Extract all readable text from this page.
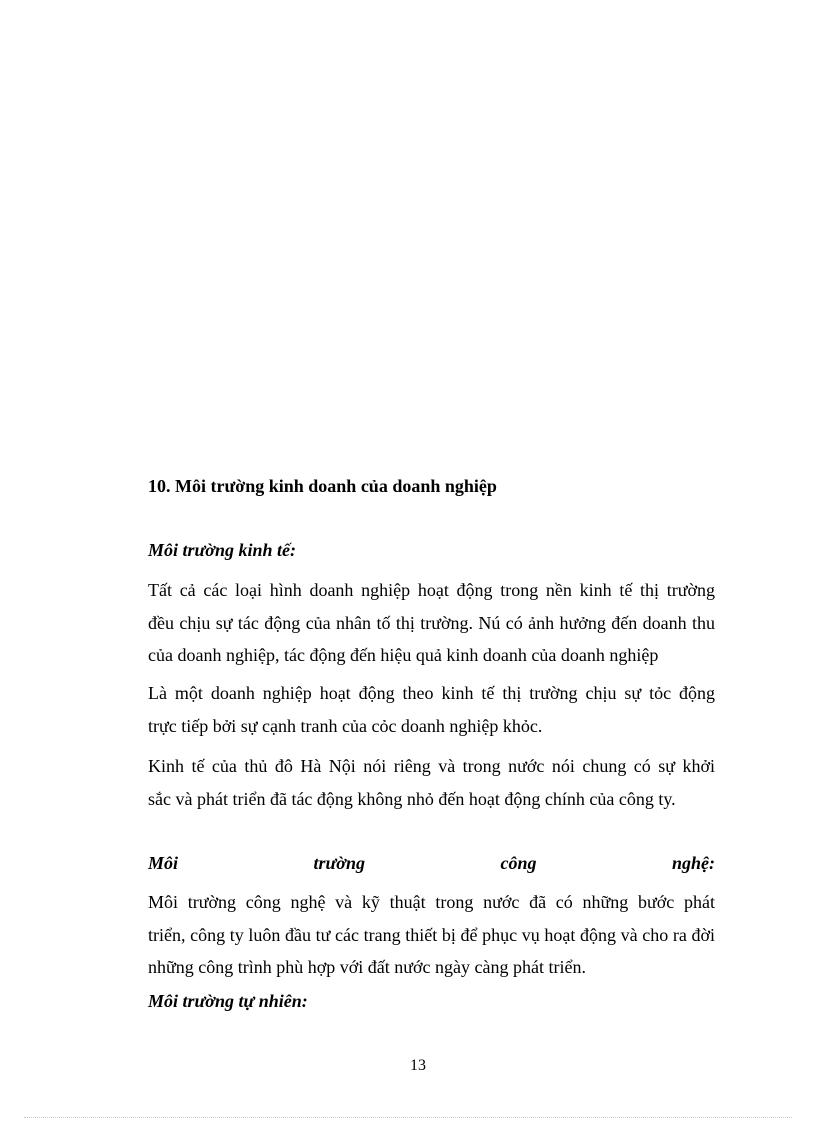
10. Môi trường kinh doanh của doanh nghiệp
Môi trường kinh tế:
Tất cả các loại hình doanh nghiệp hoạt động trong nền kinh tế thị trường
đều chịu sự tác động của nhân tố thị trường. Nú có ảnh hưởng đến doanh thu
của doanh nghiệp, tác động đến hiệu quả kinh doanh của doanh nghiệp
Là một doanh nghiệp hoạt động theo kinh tế thị trường chịu sự tỏc động
trực tiếp bởi sự cạnh tranh của cỏc doanh nghiệp khỏc.
Kinh tế của thủ đô Hà Nội nói riêng và trong nước nói chung có sự khởi
sắc và phát triển đã tác động không nhỏ đến hoạt động chính của công ty.
Môi	trường	công	nghệ:
Môi trường công nghệ và kỹ thuật trong nước đã có những bước phát
triển, công ty luôn đầu tư các trang thiết bị để phục vụ hoạt động và cho ra đời
những công trình phù hợp với đất nước ngày càng phát triển.
Môi trường tự nhiên:
13
